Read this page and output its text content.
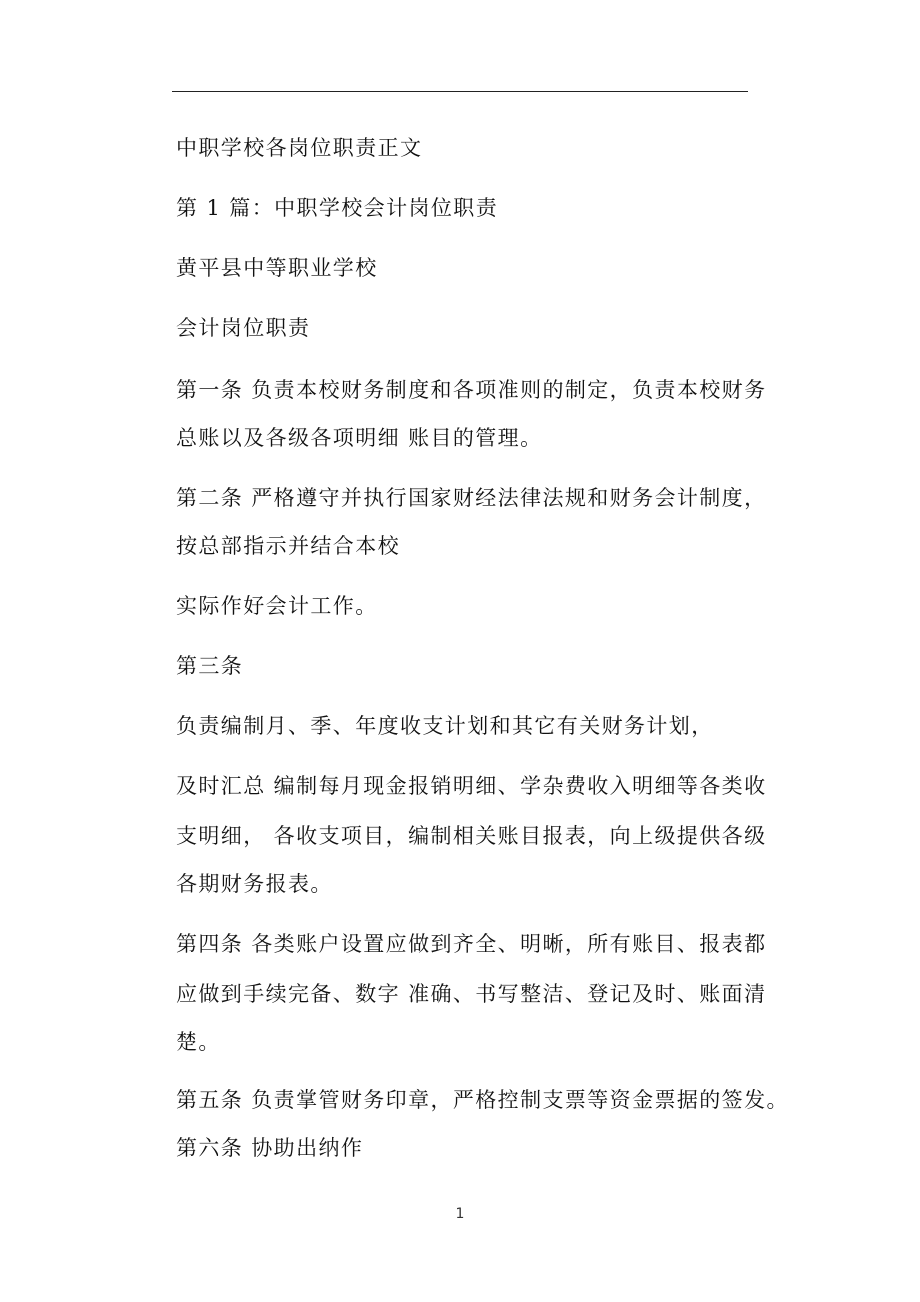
中职学校各岗位职责正文
第 1 篇：中职学校会计岗位职责
黄平县中等职业学校
会计岗位职责
第一条 负责本校财务制度和各项准则的制定，负责本校财务
总账以及各级各项明细 账目的管理。
第二条 严格遵守并执行国家财经法律法规和财务会计制度，
按总部指示并结合本校
实际作好会计工作。
第三条
负责编制月、季、年度收支计划和其它有关财务计划，
及时汇总 编制每月现金报销明细、学杂费收入明细等各类收
支明细， 各收支项目，编制相关账目报表，向上级提供各级
各期财务报表。
第四条 各类账户设置应做到齐全、明晰，所有账目、报表都
应做到手续完备、数字 准确、书写整洁、登记及时、账面清
楚。
第五条 负责掌管财务印章，严格控制支票等资金票据的签发。
第六条 协助出纳作
1
